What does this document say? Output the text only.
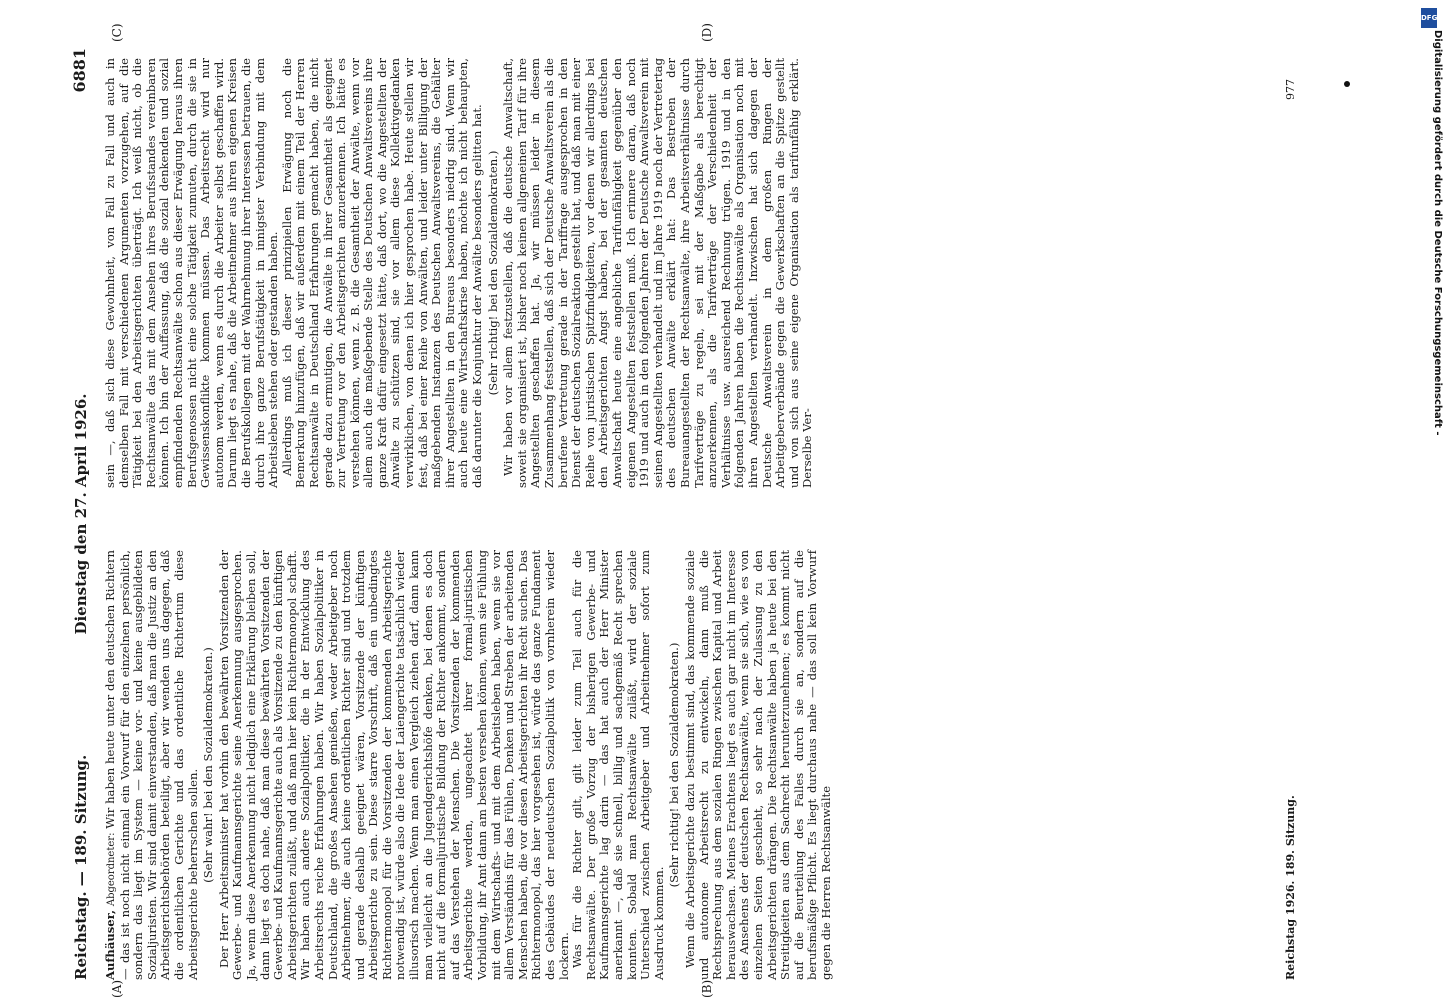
Reichstag. — 189. Sitzung.
Dienstag den 27. April 1926.
6881
(A)	(B)
(C)	(D)

Aufhäuser, Abgeordneter: Wir haben heute unter den deutschen Richtern — das ist noch nicht einmal ein Vorwurf für den einzelnen persönlich, sondern das liegt im System — keine vor- und keine ausgebildeten Sozialjuristen. Wir sind damit einverstanden, daß man die Justiz an den Arbeitsgerichtsbehörden beteiligt, aber wir wenden uns dagegen, daß die ordentlichen Gerichte und das ordentliche Richtertum diese Arbeitsgerichte beherrschen sollen. (Sehr wahr! bei den Sozialdemokraten.) Der Herr Arbeitsminister hat vorhin den bewährten Vorsitzenden der Gewerbe- und Kaufmannsgerichte seine Anerkennung ausgesprochen. Ja, wenn diese Anerkennung nicht lediglich eine Erklärung bleiben soll, dann liegt es doch nahe, daß man diese bewährten Vorsitzenden der Gewerbe- und Kaufmannsgerichte auch als Vorsitzende zu den künftigen Arbeitsgerichten zuläßt, und daß man hier kein Richtermonopol schafft. Wir haben auch andere Sozialpolitiker, die in der Entwicklung des Arbeitsrechts reiche Erfahrungen haben. Wir haben Sozialpolitiker in Deutschland, die großes Ansehen genießen, weder Arbeitgeber noch Arbeitnehmer, die auch keine ordentlichen Richter sind und trotzdem und gerade deshalb geeignet wären, Vorsitzende der künftigen Arbeitsgerichte zu sein. Diese starre Vorschrift, daß ein unbedingtes Richtermonopol für die Vorsitzenden der kommenden Arbeitsgerichte notwendig ist, würde also die Idee der Laiengerichte tatsächlich wieder illusorisch machen. Wenn man einen Vergleich ziehen darf, dann kann man vielleicht an die Jugendgerichtshöfe denken, bei denen es doch nicht auf die formaljuristische Bildung der Richter ankommt, sondern auf das Verstehen der Menschen. Die Vorsitzenden der kommenden Arbeitsgerichte werden, ungeachtet ihrer formal-juristischen Vorbildung, ihr Amt dann am besten versehen können, wenn sie Fühlung mit dem Wirtschafts- und mit dem Arbeitsleben haben, wenn sie vor allem Verständnis für das Fühlen, Denken und Streben der arbeitenden Menschen haben, die vor diesen Arbeitsgerichten ihr Recht suchen. Das Richtermonopol, das hier vorgesehen ist, würde das ganze Fundament des Gebäudes der neudeutschen Sozialpolitik von vornherein wieder lockern. Was für die Richter gilt, gilt leider zum Teil auch für die Rechtsanwälte. Der große Vorzug der bisherigen Gewerbe- und Kaufmannsgerichte lag darin — das hat auch der Herr Minister anerkannt —, daß sie schnell, billig und sachgemäß Recht sprechen konnten. Sobald man Rechtsanwälte zuläßt, wird der soziale Unterschied zwischen Arbeitgeber und Arbeitnehmer sofort zum Ausdruck kommen.

(Sehr richtig! bei den Sozialdemokraten.) Wenn die Arbeitsgerichte dazu bestimmt sind, das kommende soziale und autonome Arbeitsrecht zu entwickeln, dann muß die Rechtsprechung aus dem sozialen Ringen zwischen Kapital und Arbeit herauswachsen. Meines Erachtens liegt es auch gar nicht im Interesse des Ansehens der deutschen Rechtsanwälte, wenn sie sich, wie es von einzelnen Seiten geschieht, so sehr nach der Zulassung zu den Arbeitsgerichten drängen. Die Rechtsanwälte haben ja heute bei den Streitigkeiten aus dem Sachrecht herunterzunehmen; es kommt nicht auf die Beurteilung des Falles durch sie an, sondern auf die berufsmäßige Pflicht. Es liegt durchaus nahe — das soll kein Vorwurf gegen die Herren Rechtsanwälte

sein —, daß sich diese Gewohnheit, von Fall zu Fall und auch in demselben Fall mit verschiedenen Argumenten vorzugehen, auf die Tätigkeit bei den Arbeitsgerichten überträgt. Ich weiß nicht, ob die Rechtsanwälte das mit dem Ansehen ihres Berufsstandes vereinbaren können. Ich bin der Auffassung, daß die sozial denkenden und sozial empfindenden Rechtsanwälte schon aus dieser Erwägung heraus ihren Berufsgenossen nicht eine solche Tätigkeit zumuten, durch die sie in Gewissenskonflikte kommen müssen. Das Arbeitsrecht wird nur autonom werden, wenn es durch die Arbeiter selbst geschaffen wird. Darum liegt es nahe, daß die Arbeitnehmer aus ihren eigenen Kreisen die Berufskollegen mit der Wahrnehmung ihrer Interessen betrauen, die durch ihre ganze Berufstätigkeit in innigster Verbindung mit dem Arbeitsleben stehen oder gestanden haben. Allerdings muß ich dieser prinzipiellen Erwägung noch die Bemerkung hinzufügen, daß wir außerdem mit einem Teil der Herren Rechtsanwälte in Deutschland Erfahrungen gemacht haben, die nicht gerade dazu ermutigen, die Anwälte in ihrer Gesamtheit als geeignet zur Vertretung vor den Arbeitsgerichten anzuerkennen. Ich hätte es verstehen können, wenn z. B. die Gesamtheit der Anwälte, wenn vor allem auch die maßgebende Stelle des Deutschen Anwaltsvereins ihre ganze Kraft dafür eingesetzt hätte, daß dort, wo die Angestellten der Anwälte zu schützen sind, sie vor allem diese Kollektivgedanken verwirklichen, von denen ich hier gesprochen habe. Heute stellen wir fest, daß bei einer Reihe von Anwälten, und leider unter Billigung der maßgebenden Instanzen des Deutschen Anwaltsvereins, die Gehälter ihrer Angestellten in den Bureaus besonders niedrig sind. Wenn wir auch heute eine Wirtschaftskrise haben, möchte ich nicht behaupten, daß darunter die Konjunktur der Anwälte besonders gelitten hat. (Sehr richtig! bei den Sozialdemokraten.) Wir haben vor allem festzustellen, daß die deutsche Anwaltschaft, soweit sie organisiert ist, bisher noch keinen allgemeinen Tarif für ihre Angestellten geschaffen hat. Ja, wir müssen leider in diesem Zusammenhang feststellen, daß sich der Deutsche Anwaltsverein als die berufene Vertretung gerade in der Tariffrage ausgesprochen in den Dienst der deutschen Sozialreaktion gestellt hat, und daß man mit einer Reihe von juristischen Spitzfindigkeiten, vor denen wir allerdings bei den Arbeitsgerichten Angst haben, bei der gesamten deutschen Anwaltschaft heute eine angebliche Tarifunfähigkeit gegenüber den eigenen Angestellten feststellen muß. Ich erinnere daran, daß noch 1919 und auch in den folgenden Jahren der Deutsche Anwaltsverein mit seinen Angestellten verhandelt und im Jahre 1919 noch der Vertretertag des deutschen Anwälte erklärt hat: Das Bestreben der Bureauangestellten der Rechtsanwälte, ihre Arbeitsverhältnisse durch Tarifverträge zu regeln, sei mit der Maßgabe als berechtigt anzuerkennen, als die Tarifverträge der Verschiedenheit der Verhältnisse usw. ausreichend Rechnung trügen. 1919 und in den folgenden Jahren haben die Rechtsanwälte als Organisation noch mit ihren Angestellten verhandelt. Inzwischen hat sich dagegen der Deutsche Anwaltsverein in dem großen Ringen der Arbeitgeberverbände gegen die Gewerkschaften an die Spitze gestellt und von sich aus seine eigene Organisation als tarifunfähig erklärt. Derselbe Ver-

Reichstag 1926. 189. Sitzung.
977
DFG
Digitalisierung gefördert durch die Deutsche Forschungsgemeinschaft -
